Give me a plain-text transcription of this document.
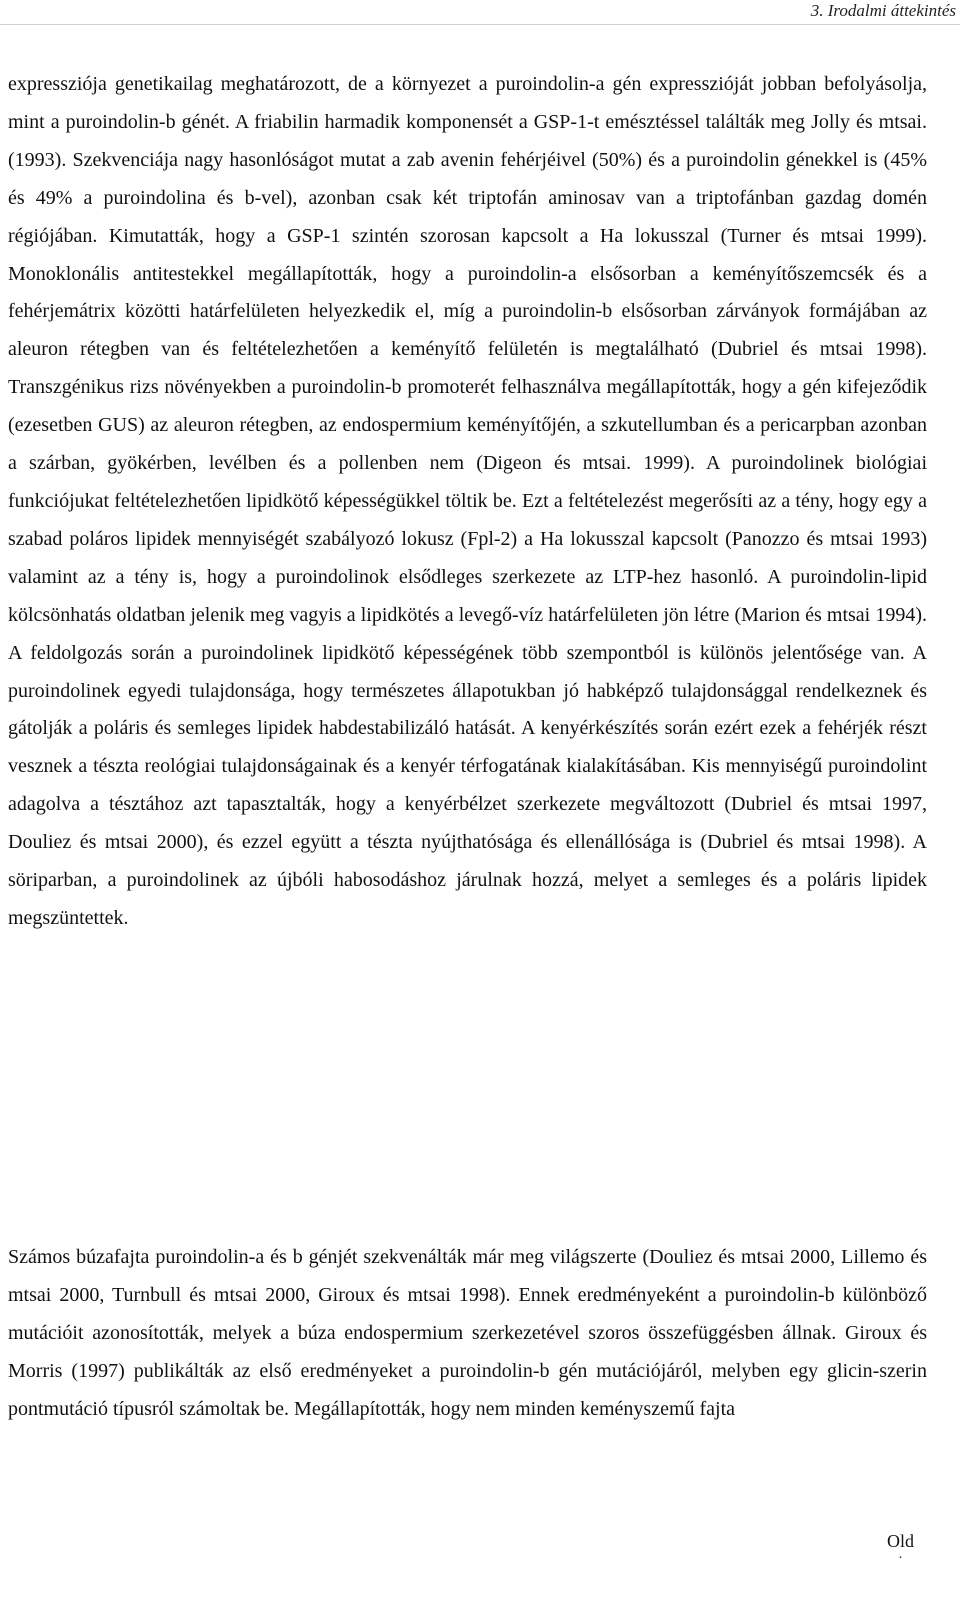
3. Irodalmi áttekintés

expressziója genetikailag meghatározott, de a környezet a puroindolin-a gén expresszióját jobban befolyásolja, mint a puroindolin-b génét. A friabilin harmadik komponensét a GSP-1-t emésztéssel találták meg Jolly és mtsai. (1993). Szekvenciája nagy hasonlóságot mutat a zab avenin fehérjéivel (50%) és a puroindolin génekkel is (45% és 49% a puroindolina és b-vel), azonban csak két triptofán aminosav van a triptofánban gazdag domén régiójában. Kimutatták, hogy a GSP-1 szintén szorosan kapcsolt a Ha lokusszal (Turner és mtsai 1999). Monoklonális antitestekkel megállapították, hogy a puroindolin-a elsősorban a keményítőszemcsék és a fehérjemátrix közötti határfelületen helyezkedik el, míg a puroindolin-b elsősorban zárványok formájában az aleuron rétegben van és feltételezhetően a keményítő felületén is megtalálható (Dubriel és mtsai 1998). Transzgénikus rizs növényekben a puroindolin-b promoterét felhasználva megállapították, hogy a gén kifejeződik (ezesetben GUS) az aleuron rétegben, az endospermium keményítőjén, a szkutellumban és a pericarpban azonban a szárban, gyökérben, levélben és a pollenben nem (Digeon és mtsai. 1999). A puroindolinek biológiai funkciójukat feltételezhetően lipidkötő képességükkel töltik be. Ezt a feltételezést megerősíti az a tény, hogy egy a szabad poláros lipidek mennyiségét szabályozó lokusz (Fpl-2) a Ha lokusszal kapcsolt (Panozzo és mtsai 1993) valamint az a tény is, hogy a puroindolinok elsődleges szerkezete az LTP-hez hasonló. A puroindolin-lipid kölcsönhatás oldatban jelenik meg vagyis a lipidkötés a levegő-víz határfelületen jön létre (Marion és mtsai 1994). A feldolgozás során a puroindolinek lipidkötő képességének több szempontból is különös jelentősége van. A puroindolinek egyedi tulajdonsága, hogy természetes állapotukban jó habképző tulajdonsággal rendelkeznek és gátolják a poláris és semleges lipidek habdestabilizáló hatását. A kenyérkészítés során ezért ezek a fehérjék részt vesznek a tészta reológiai tulajdonságainak és a kenyér térfogatának kialakításában. Kis mennyiségű puroindolint adagolva a tésztához azt tapasztalták, hogy a kenyérbélzet szerkezete megváltozott (Dubriel és mtsai 1997, Douliez és mtsai 2000), és ezzel együtt a tészta nyújthatósága és ellenállósága is (Dubriel és mtsai 1998). A söriparban, a puroindolinek az újbóli habosodáshoz járulnak hozzá, melyet a semleges és a poláris lipidek megszüntettek.

Számos búzafajta puroindolin-a és b génjét szekvenálták már meg világszerte (Douliez és mtsai 2000, Lillemo és mtsai 2000, Turnbull és mtsai 2000, Giroux és mtsai 1998). Ennek eredményeként a puroindolin-b különböző mutációit azonosították, melyek a búza endospermium szerkezetével szoros összefüggésben állnak. Giroux és Morris (1997) publikálták az első eredményeket a puroindolin-b gén mutációjáról, melyben egy glicin-szerin pontmutáció típusról számoltak be. Megállapították, hogy nem minden keményszemű fajta

Old
.
